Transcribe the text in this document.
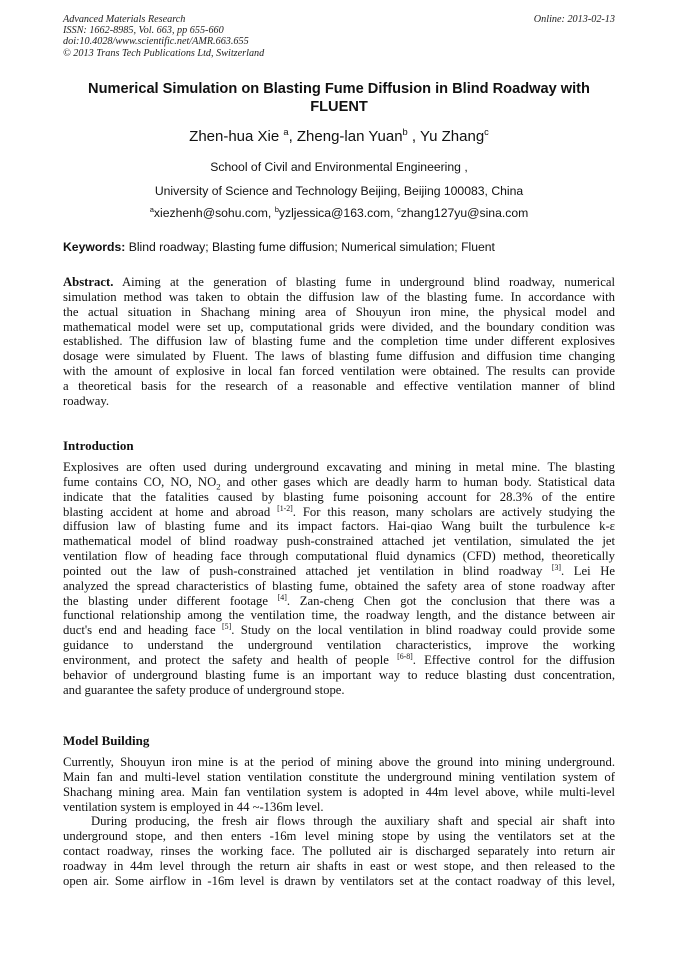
Advanced Materials Research
ISSN: 1662-8985, Vol. 663, pp 655-660
doi:10.4028/www.scientific.net/AMR.663.655
© 2013 Trans Tech Publications Ltd, Switzerland
Online: 2013-02-13
Numerical Simulation on Blasting Fume Diffusion in Blind Roadway with
FLUENT
Zhen-hua Xie $^a$, Zheng-lan Yuan$^b$ , Yu Zhang$^c$
School of Civil and Environmental Engineering ,
University of Science and Technology Beijing, Beijing 100083, China
$^a$xiezhenh@sohu.com, $^b$yzljessica@163.com, $^c$zhang127yu@sina.com
Keywords: Blind roadway; Blasting fume diffusion; Numerical simulation; Fluent
Abstract. Aiming at the generation of blasting fume in underground blind roadway, numerical
simulation method was taken to obtain the diffusion law of the blasting fume. In accordance with
the actual situation in Shachang mining area of Shouyun iron mine, the physical model and
mathematical model were set up, computational grids were divided, and the boundary condition was
established. The diffusion law of blasting fume and the completion time under different explosives
dosage were simulated by Fluent. The laws of blasting fume diffusion and diffusion time changing
with the amount of explosive in local fan forced ventilation were obtained. The results can provide
a theoretical basis for the research of a reasonable and effective ventilation manner of blind
roadway.
Introduction
Explosives are often used during underground excavating and mining in metal mine. The blasting
fume contains CO, NO, $NO_2$ and other gases which are deadly harm to human body. Statistical data
indicate that the fatalities caused by blasting fume poisoning account for 28.3% of the entire
blasting accident at home and abroad [1-2]. For this reason, many scholars are actively studying the
diffusion law of blasting fume and its impact factors. Hai-qiao Wang built the turbulence k-ε
mathematical model of blind roadway push-constrained attached jet ventilation, simulated the jet
ventilation flow of heading face through computational fluid dynamics (CFD) method, theoretically
pointed out the law of push-constrained attached jet ventilation in blind roadway [3]. Lei He
analyzed the spread characteristics of blasting fume, obtained the safety area of stone roadway after
the blasting under different footage [4]. Zan-cheng Chen got the conclusion that there was a
functional relationship among the ventilation time, the roadway length, and the distance between air
duct's end and heading face [5]. Study on the local ventilation in blind roadway could provide some
guidance to understand the underground ventilation characteristics, improve the working
environment, and protect the safety and health of people [6-8]. Effective control for the diffusion
behavior of underground blasting fume is an important way to reduce blasting dust concentration,
and guarantee the safety produce of underground stope.
Model Building
Currently, Shouyun iron mine is at the period of mining above the ground into mining underground.
Main fan and multi-level station ventilation constitute the underground mining ventilation system of
Shachang mining area. Main fan ventilation system is adopted in 44m level above, while multi-level
ventilation system is employed in 44 ~-136m level.
During producing, the fresh air flows through the auxiliary shaft and special air shaft into
underground stope, and then enters -16m level mining stope by using the ventilators set at the
contact roadway, rinses the working face. The polluted air is discharged separately into return air
roadway in 44m level through the return air shafts in east or west stope, and then released to the
open air. Some airflow in -16m level is drawn by ventilators set at the contact roadway of this level,
